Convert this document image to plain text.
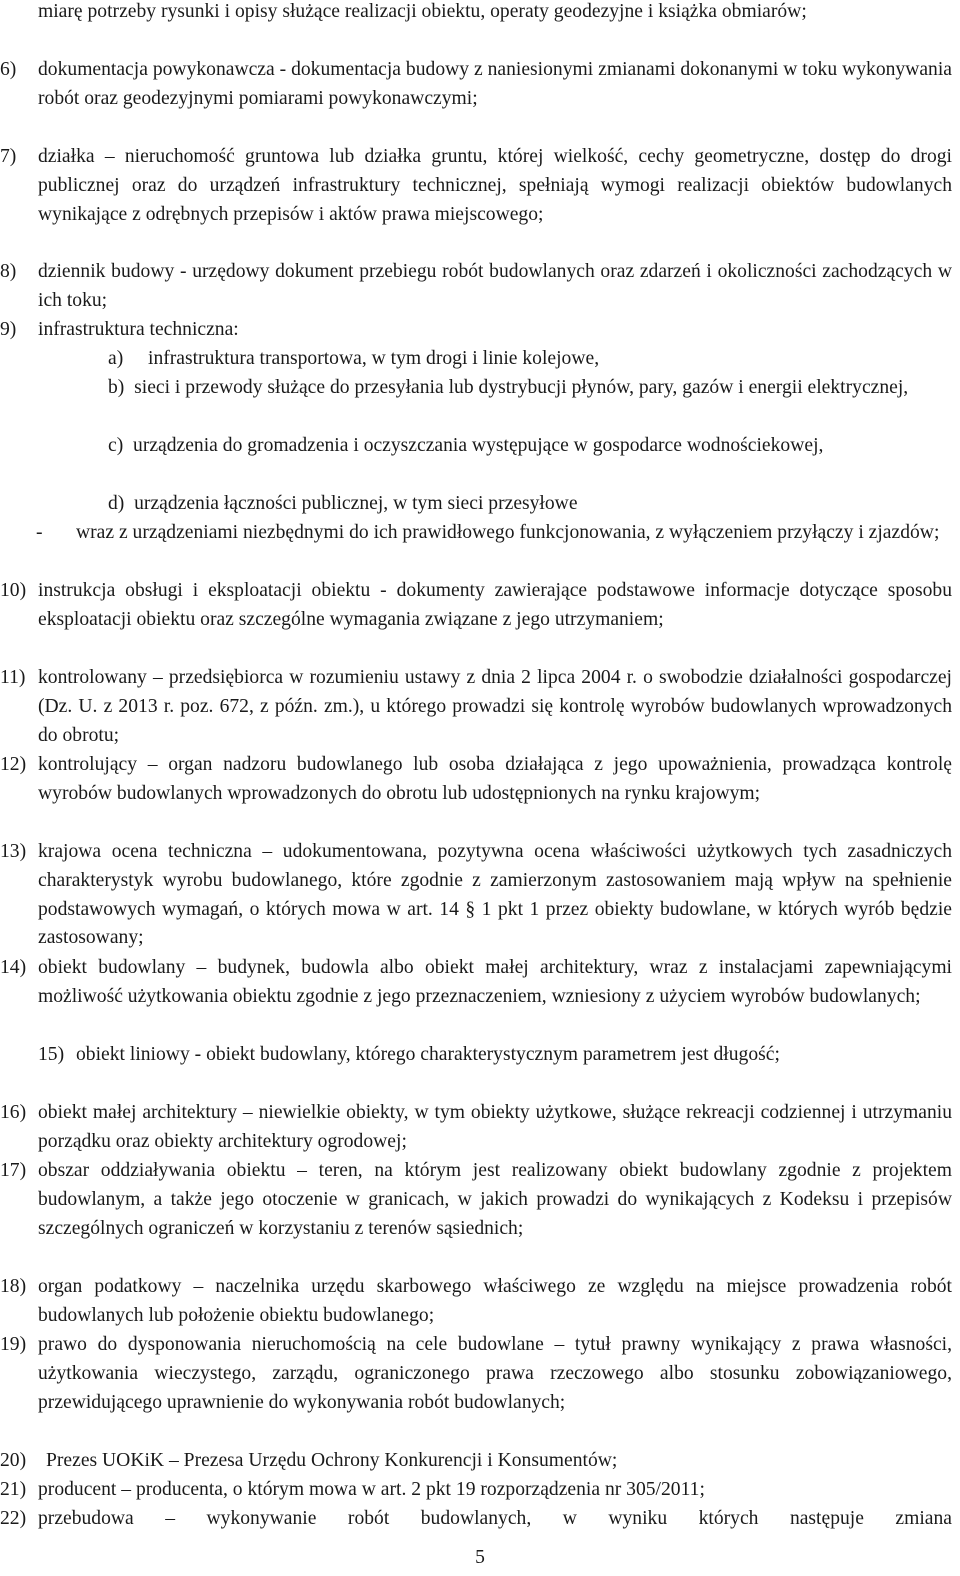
miarę potrzeby rysunki i opisy służące realizacji obiektu, operaty geodezyjne i książka obmiarów;

6)	dokumentacja powykonawcza - dokumentacja budowy z naniesionymi zmianami dokonanymi w toku wykonywania robót oraz geodezyjnymi pomiarami powykonawczymi;

7)	działka – nieruchomość gruntowa lub działka gruntu, której wielkość, cechy geometryczne, dostęp do drogi publicznej oraz do urządzeń infrastruktury technicznej, spełniają wymogi realizacji obiektów budowlanych wynikające z odrębnych przepisów i aktów prawa miejscowego;

8)	dziennik budowy - urzędowy dokument przebiegu robót budowlanych oraz zdarzeń i okoliczności zachodzących w ich toku;

9)	infrastruktura techniczna:

a)	infrastruktura transportowa, w tym drogi i linie kolejowe,

b) sieci i przewody służące do przesyłania lub dystrybucji płynów, pary, gazów i energii elektrycznej,

c) urządzenia do gromadzenia i oczyszczania występujące w gospodarce wodnościekowej,

d) urządzenia łączności publicznej, w tym sieci przesyłowe

-	wraz z urządzeniami niezbędnymi do ich prawidłowego funkcjonowania, z wyłączeniem przyłączy i zjazdów;

10) instrukcja obsługi i eksploatacji obiektu - dokumenty zawierające podstawowe informacje dotyczące sposobu eksploatacji obiektu oraz szczególne wymagania związane z jego utrzymaniem;

11) kontrolowany – przedsiębiorca w rozumieniu ustawy z dnia 2 lipca 2004 r. o swobodzie działalności gospodarczej (Dz. U. z 2013 r. poz. 672, z późn. zm.), u którego prowadzi się kontrolę wyrobów budowlanych wprowadzonych do obrotu;

12) kontrolujący – organ nadzoru budowlanego lub osoba działająca z jego upoważnienia, prowadząca kontrolę wyrobów budowlanych wprowadzonych do obrotu lub udostępnionych na rynku krajowym;

13) krajowa ocena techniczna – udokumentowana, pozytywna ocena właściwości użytkowych tych zasadniczych charakterystyk wyrobu budowlanego, które zgodnie z zamierzonym zastosowaniem mają wpływ na spełnienie podstawowych wymagań, o których mowa w art. 14 § 1 pkt 1 przez obiekty budowlane, w których wyrób będzie zastosowany;

14) obiekt budowlany – budynek, budowla albo obiekt małej architektury, wraz z instalacjami zapewniającymi możliwość użytkowania obiektu zgodnie z jego przeznaczeniem, wzniesiony z użyciem wyrobów budowlanych;

15) obiekt liniowy - obiekt budowlany, którego charakterystycznym parametrem jest długość;

16) obiekt małej architektury – niewielkie obiekty, w tym obiekty użytkowe, służące rekreacji codziennej i utrzymaniu porządku oraz obiekty architektury ogrodowej;

17) obszar oddziaływania obiektu – teren, na którym jest realizowany obiekt budowlany zgodnie z projektem budowlanym, a także jego otoczenie w granicach, w jakich prowadzi do wynikających z Kodeksu i przepisów szczególnych ograniczeń w korzystaniu z terenów sąsiednich;

18) organ podatkowy – naczelnika urzędu skarbowego właściwego ze względu na miejsce prowadzenia robót budowlanych lub położenie obiektu budowlanego;

19) prawo do dysponowania nieruchomością na cele budowlane – tytuł prawny wynikający z prawa własności, użytkowania wieczystego, zarządu, ograniczonego prawa rzeczowego albo stosunku zobowiązaniowego, przewidującego uprawnienie do wykonywania robót budowlanych;

20)	Prezes UOKiK – Prezesa Urzędu Ochrony Konkurencji i Konsumentów;

21) producent – producenta, o którym mowa w art. 2 pkt 19 rozporządzenia nr 305/2011;

22) przebudowa – wykonywanie robót budowlanych, w wyniku których następuje zmiana

5
